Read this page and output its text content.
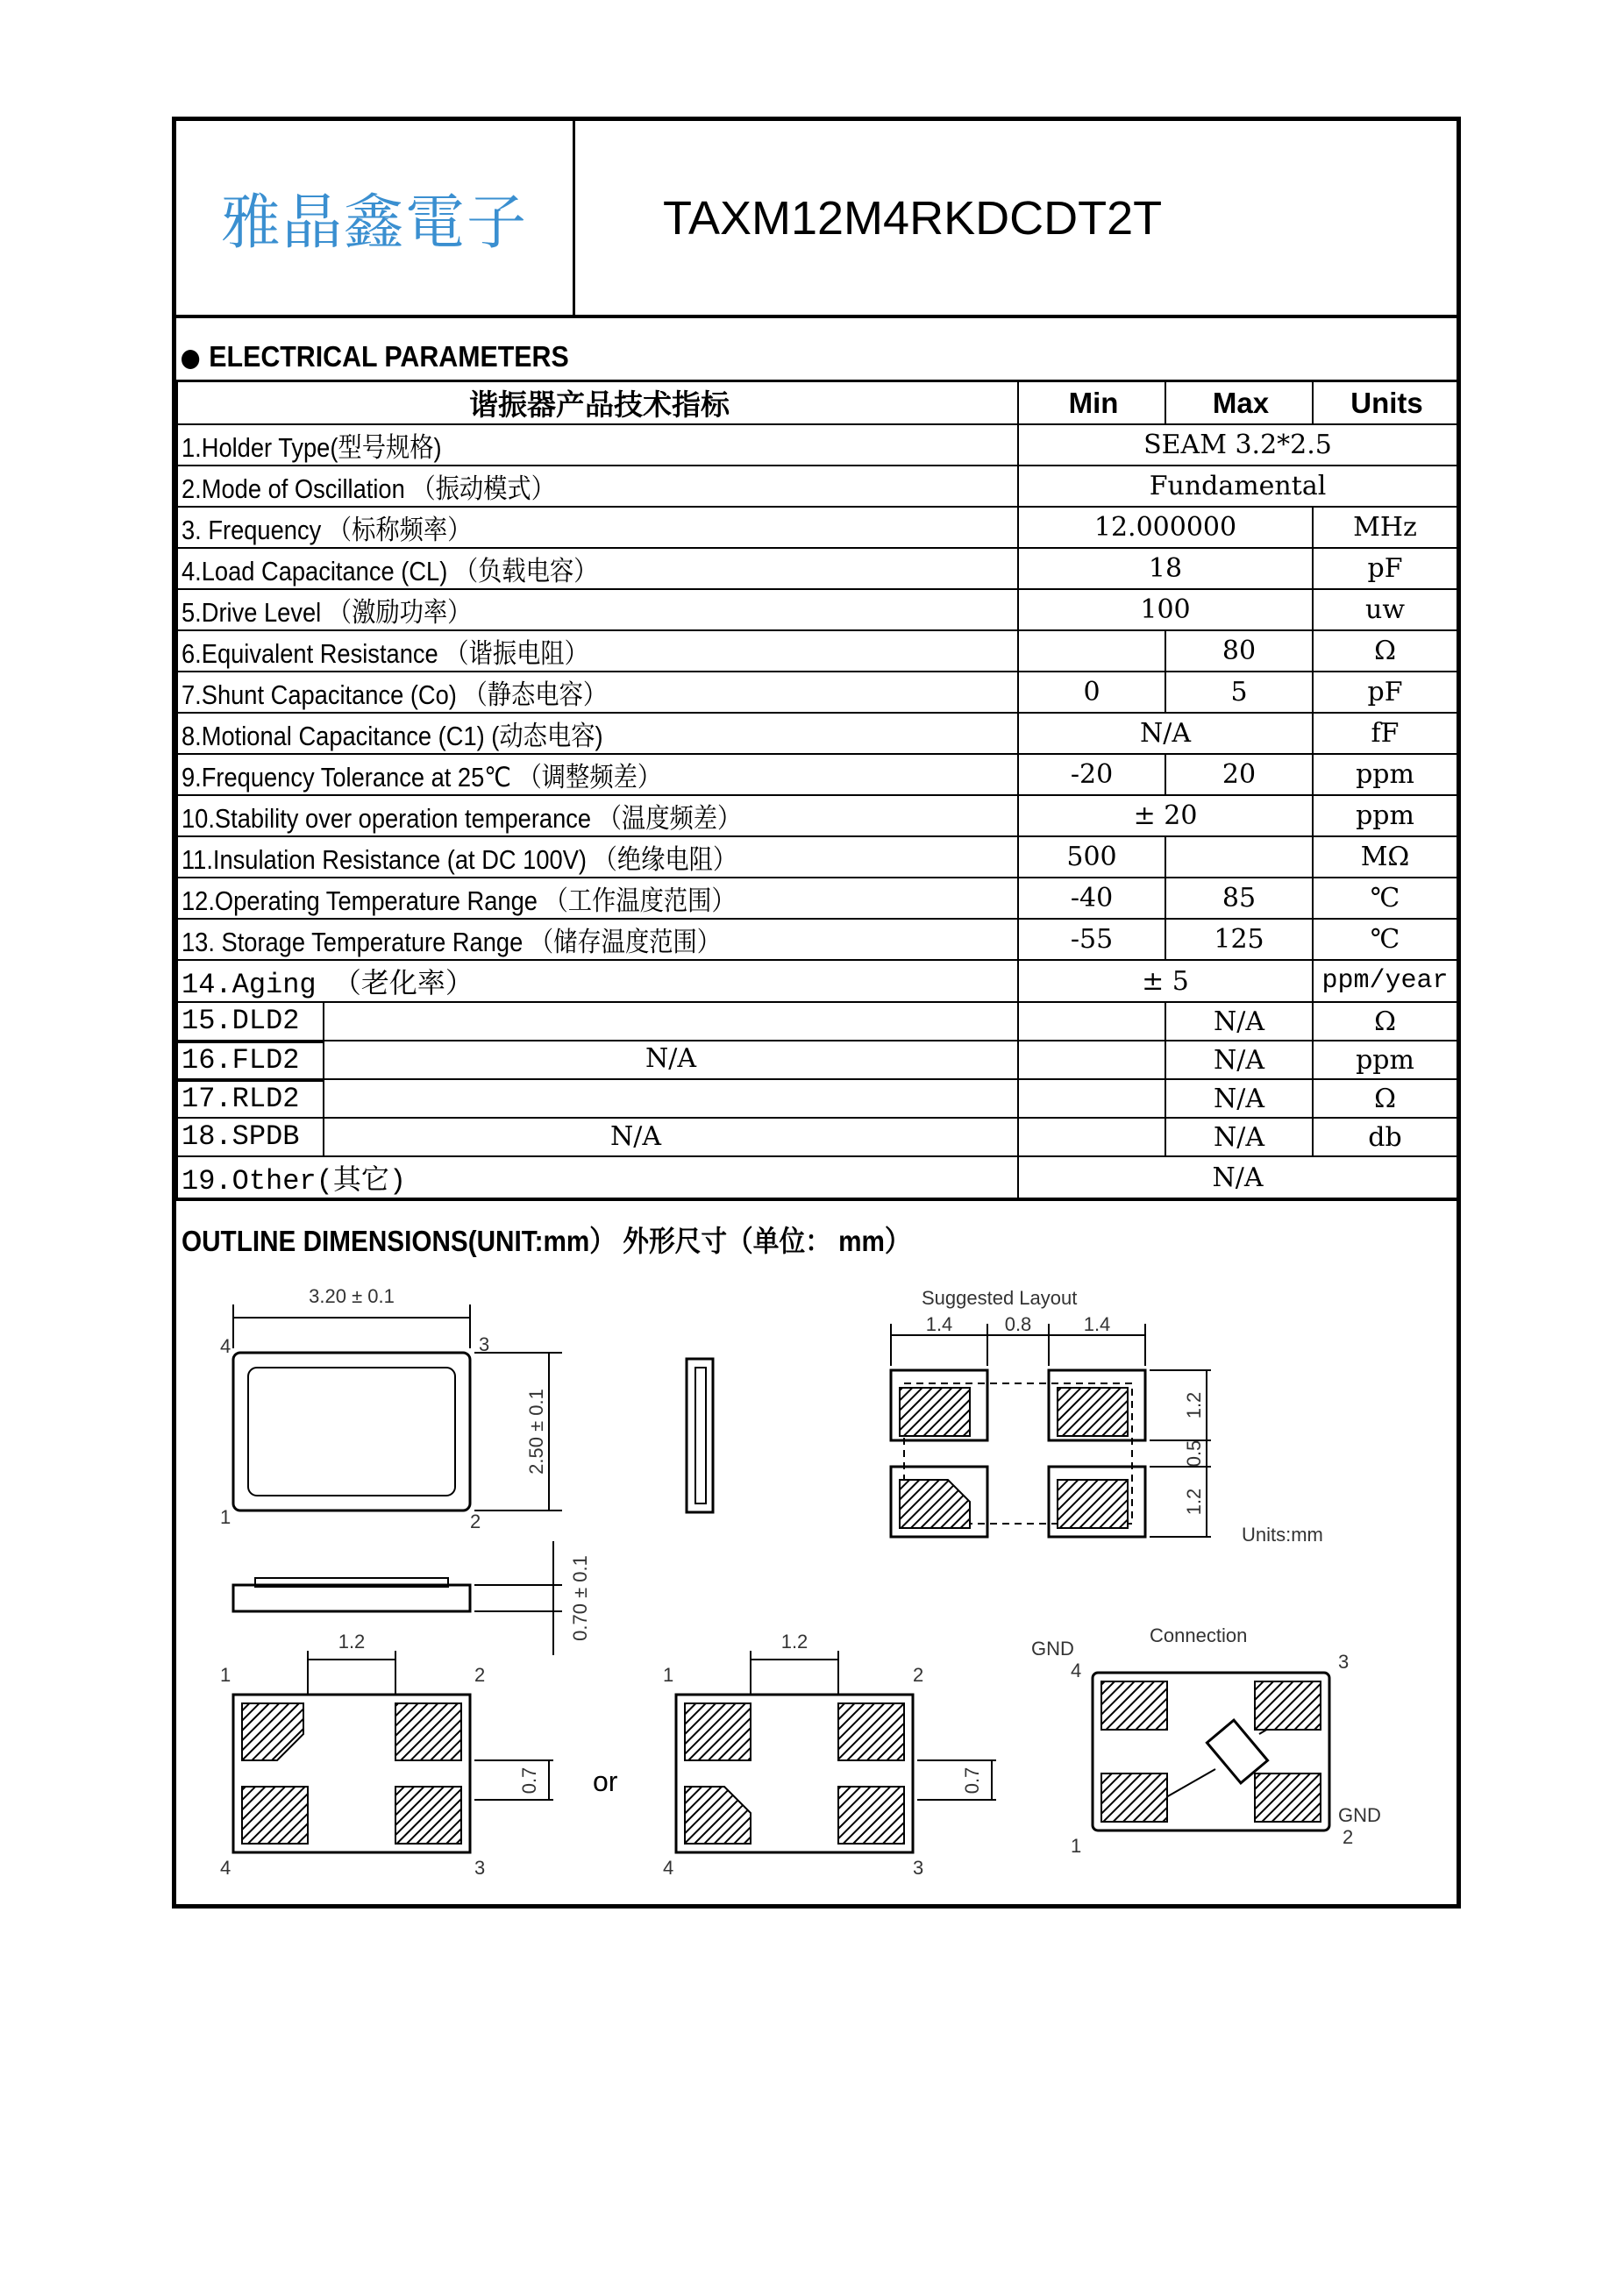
雅晶鑫電子	TAXM12M4RKDCDT2T
ELECTRICAL PARAMETERS
谐振器产品技术指标	Min	Max	Units
1.Holder Type(型号规格)	SEAM 3.2*2.5		
2.Mode of Oscillation （振动模式）	Fundamental		
3. Frequency （标称频率）	12.000000		MHz
4.Load Capacitance (CL) （负载电容）	18		pF
5.Drive Level （激励功率）	100		uw
6.Equivalent Resistance （谐振电阻）		80	Ω
7.Shunt Capacitance (Co) （静态电容）	0	5	pF
8.Motional Capacitance (C1) (动态电容)	N/A		fF
9.Frequency Tolerance at 25℃ （调整频差）	-20	20	ppm
10.Stability over operation temperance （温度频差）	± 20		ppm
11.Insulation Resistance (at DC 100V) （绝缘电阻）	500		MΩ
12.Operating Temperature Range （工作温度范围）	-40	85	℃
13. Storage Temperature Range （储存温度范围）	-55	125	℃
14.Aging （老化率）	± 5		ppm/year

15.DLD2		N/A	Ω

16.FLD2 N/A		N/A	ppm

17.RLD2		N/A	Ω

18.SPDB N/A		N/A	db
19.Other(其它)	N/A		
OUTLINE DIMENSIONS(UNIT:mm） 外形尺寸（单位： mm）
3.20 ± 0.1
4	3
1	2
2.50 ± 0.1
0.70 ± 0.1
1.2	1.2
1	2
4	3
1	2
4	3
0.7	0.7
or
Suggested Layout
1.4	0.8	1.4
1.2
0.5
1.2
Units:mm
Connection
GND
4	3
GND
2
1
